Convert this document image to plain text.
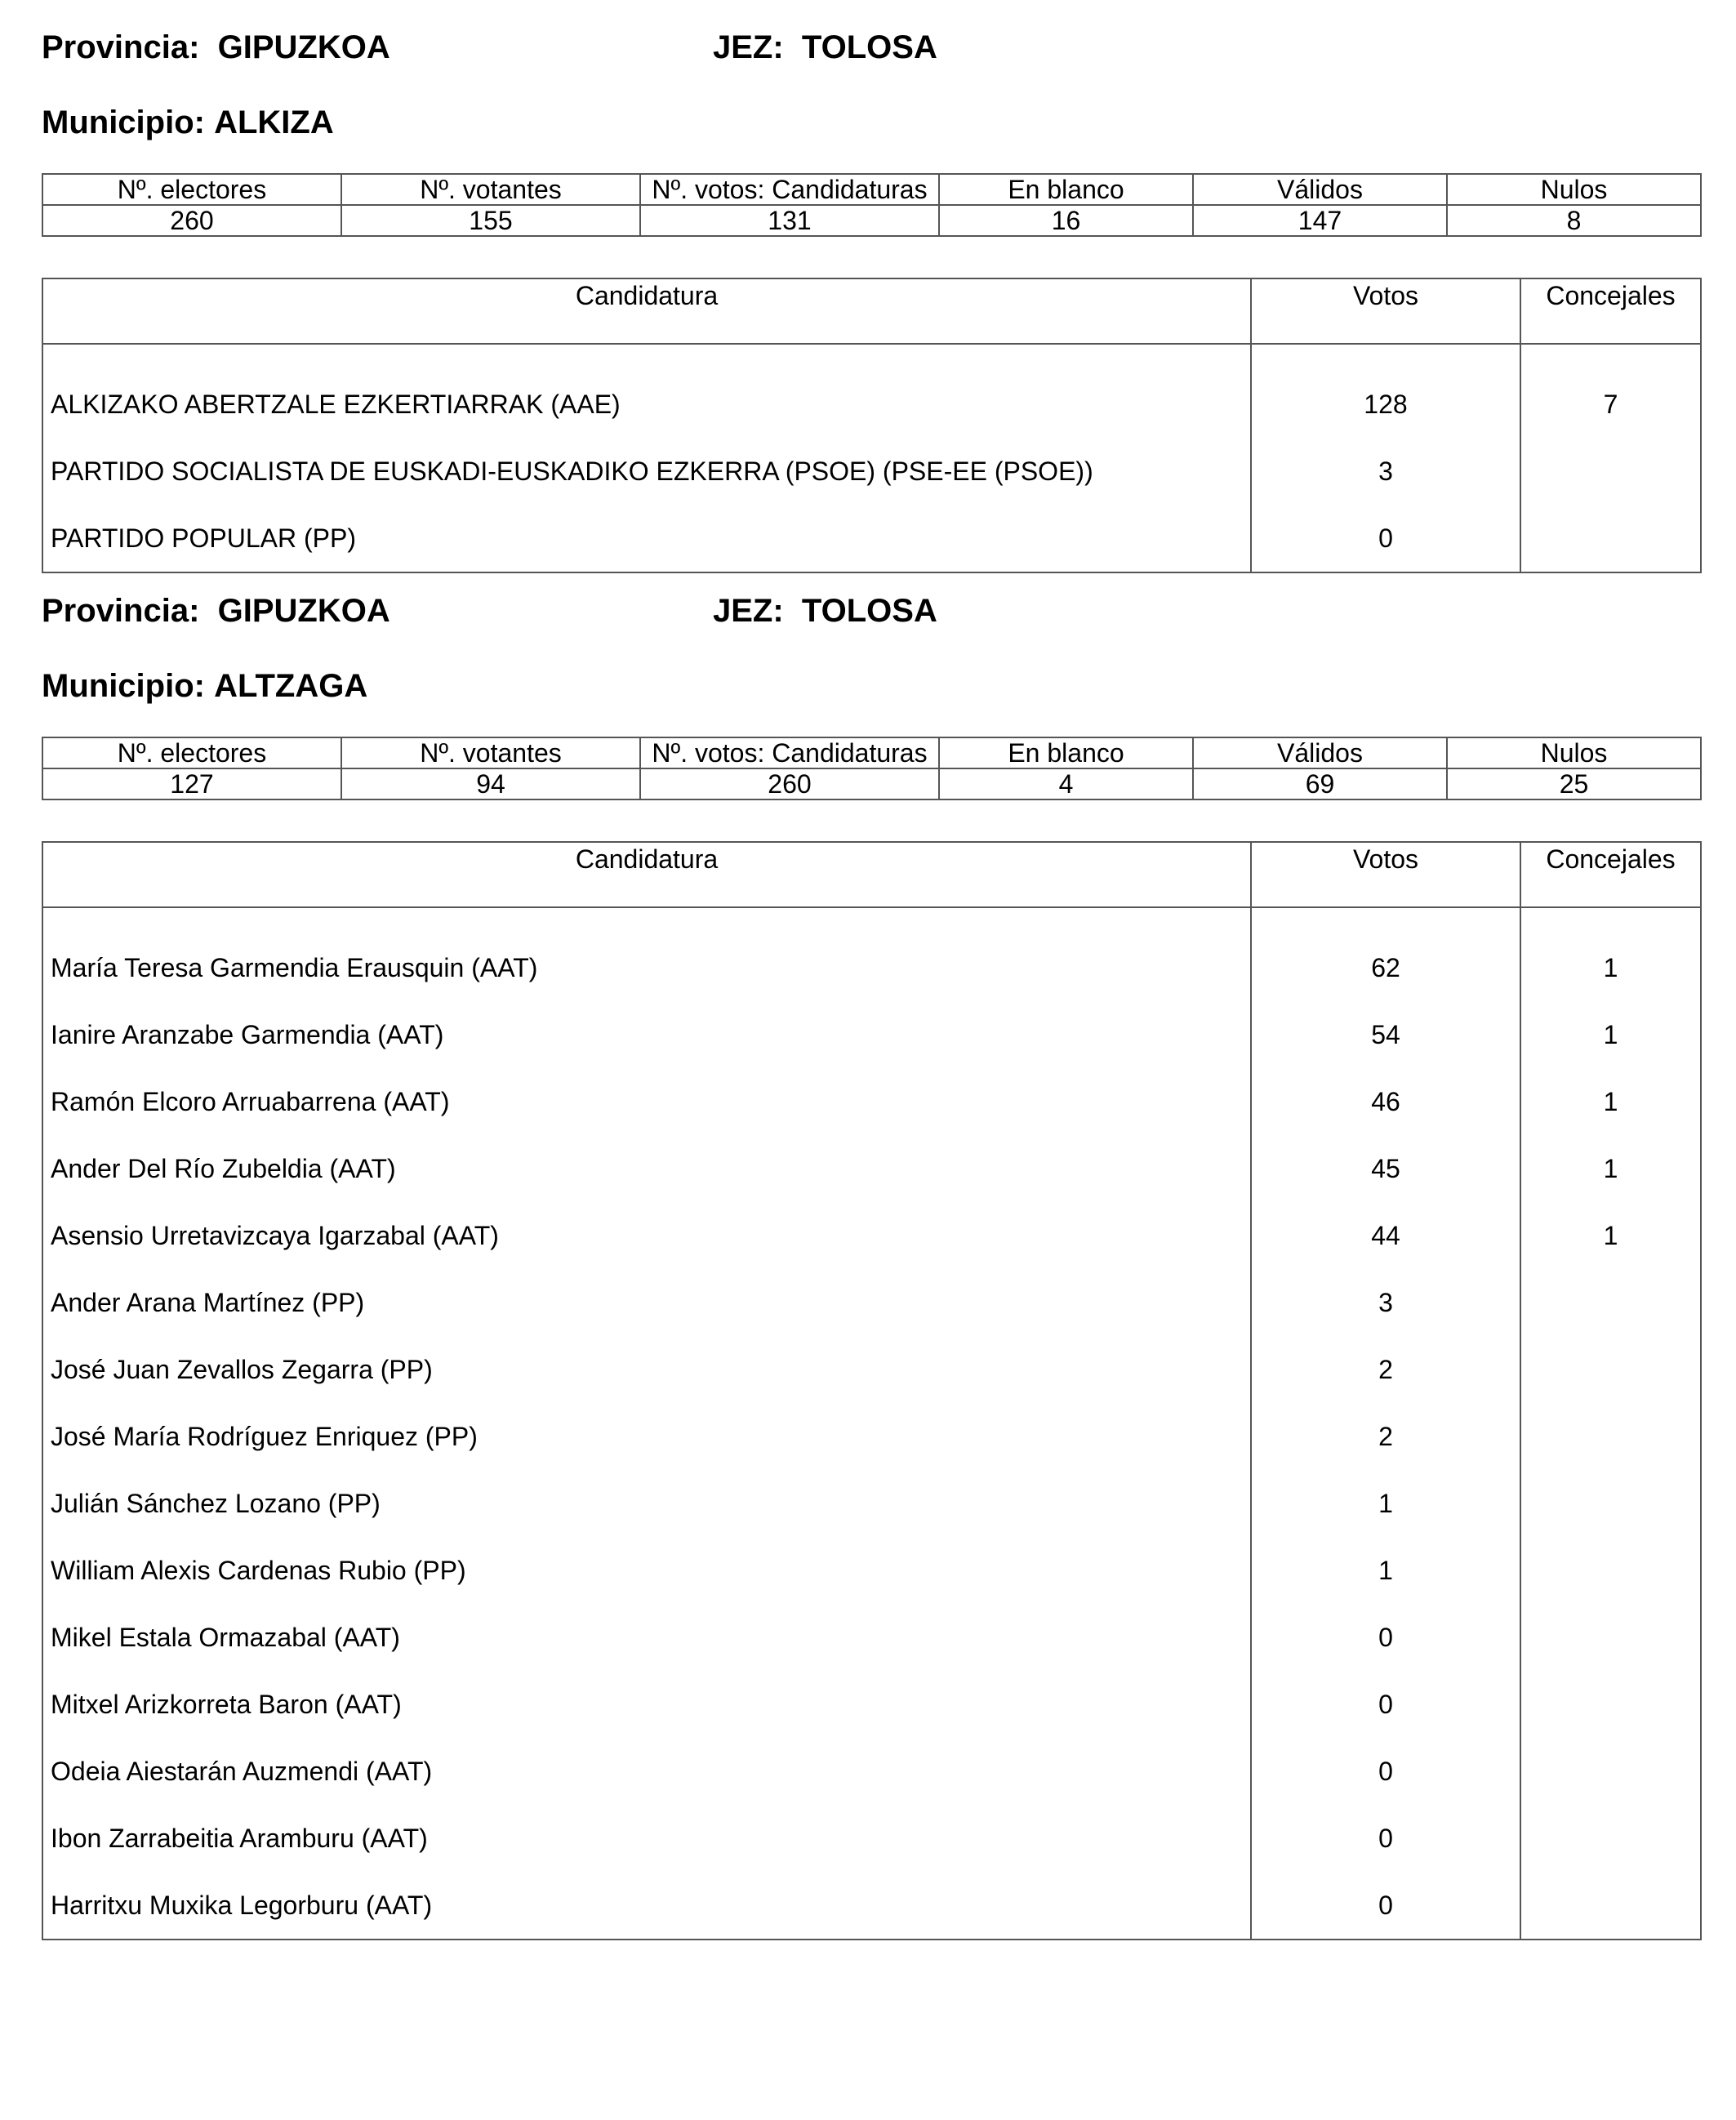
Provincia: GIPUZKOA	JEZ: TOLOSA
Municipio: ALKIZA
Nº. electores	Nº. votantes	Nº. votos: Candidaturas	En blanco	Válidos	Nulos
260	155	131	16	147	8
Candidatura	Votos	Concejales

ALKIZAKO ABERTZALE EZKERTIARRAK (AAE)	128	7
PARTIDO SOCIALISTA DE EUSKADI-EUSKADIKO EZKERRA (PSOE) (PSE-EE (PSOE))	3	
PARTIDO POPULAR (PP)	0	
Provincia: GIPUZKOA	JEZ: TOLOSA
Municipio: ALTZAGA
Nº. electores	Nº. votantes	Nº. votos: Candidaturas	En blanco	Válidos	Nulos
127	94	260	4	69	25
Candidatura	Votos	Concejales

María Teresa Garmendia Erausquin (AAT)	62	1
Ianire Aranzabe Garmendia (AAT)	54	1
Ramón Elcoro Arruabarrena (AAT)	46	1
Ander Del Río Zubeldia (AAT)	45	1
Asensio Urretavizcaya Igarzabal (AAT)	44	1
Ander Arana Martínez (PP)	3	
José Juan Zevallos Zegarra (PP)	2	
José María Rodríguez Enriquez (PP)	2	
Julián Sánchez Lozano (PP)	1	
William Alexis Cardenas Rubio (PP)	1	
Mikel Estala Ormazabal (AAT)	0	
Mitxel Arizkorreta Baron (AAT)	0	
Odeia Aiestarán Auzmendi (AAT)	0	
Ibon Zarrabeitia Aramburu (AAT)	0	
Harritxu Muxika Legorburu (AAT)	0	
